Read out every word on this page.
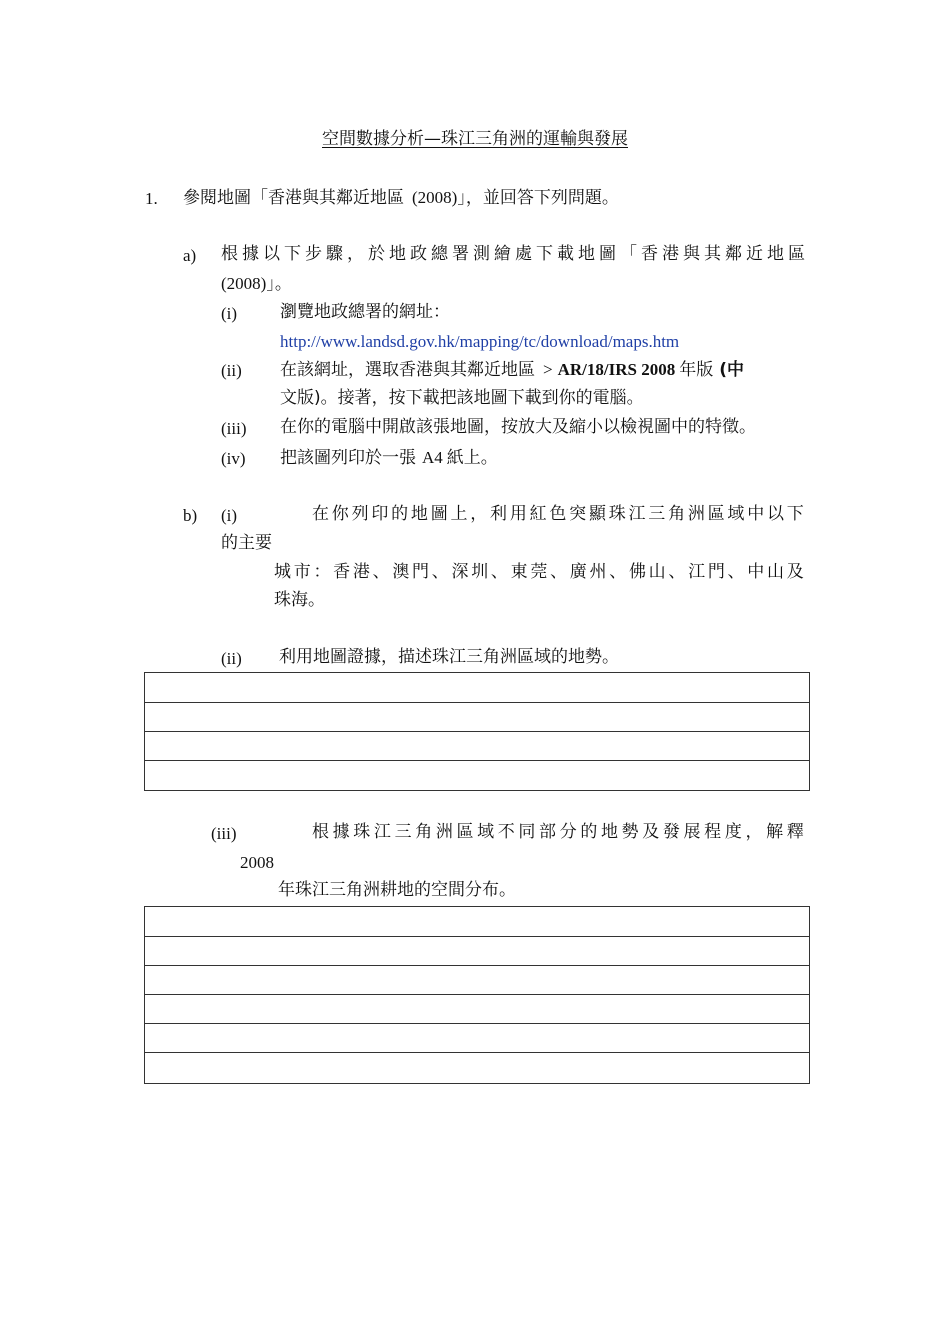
空間數據分析—珠江三角洲的運輸與發展
1. 參閱地圖「香港與其鄰近地區 (2008)」，並回答下列問題。
a) 根 據 以 下 步 驟 ， 於 地 政 總 署 測 繪 處 下 載 地 圖 「 香 港 與 其 鄰 近 地 區
(2008)」。
(i)	瀏覽地政總署的網址：
http://www.landsd.gov.hk/mapping/tc/download/maps.htm
(ii) 在該網址，選取香港與其鄰近地區 > AR/18/IRS 2008 年版 (中
文版)。接著，按下載把該地圖下載到你的電腦。
(iii) 在你的電腦中開啟該張地圖，按放大及縮小以檢視圖中的特徵。
(iv) 把該圖列印於一張 A4 紙上。
b) (i)	在 你 列 印 的 地 圖 上 ， 利 用 紅 色 突 顯 珠 江 三 角 洲 區 域 中 以 下
的主要
城 市 ： 香 港 、 澳 門 、 深 圳 、 東 莞 、 廣 州 、 佛 山 、 江 門 、 中 山 及
珠海。
(ii) 利用地圖證據，描述珠江三角洲區域的地勢。
(iii)	根 據 珠 江 三 角 洲 區 域 不 同 部 分 的 地 勢 及 發 展 程 度 ， 解 釋
2008
年珠江三角洲耕地的空間分布。
